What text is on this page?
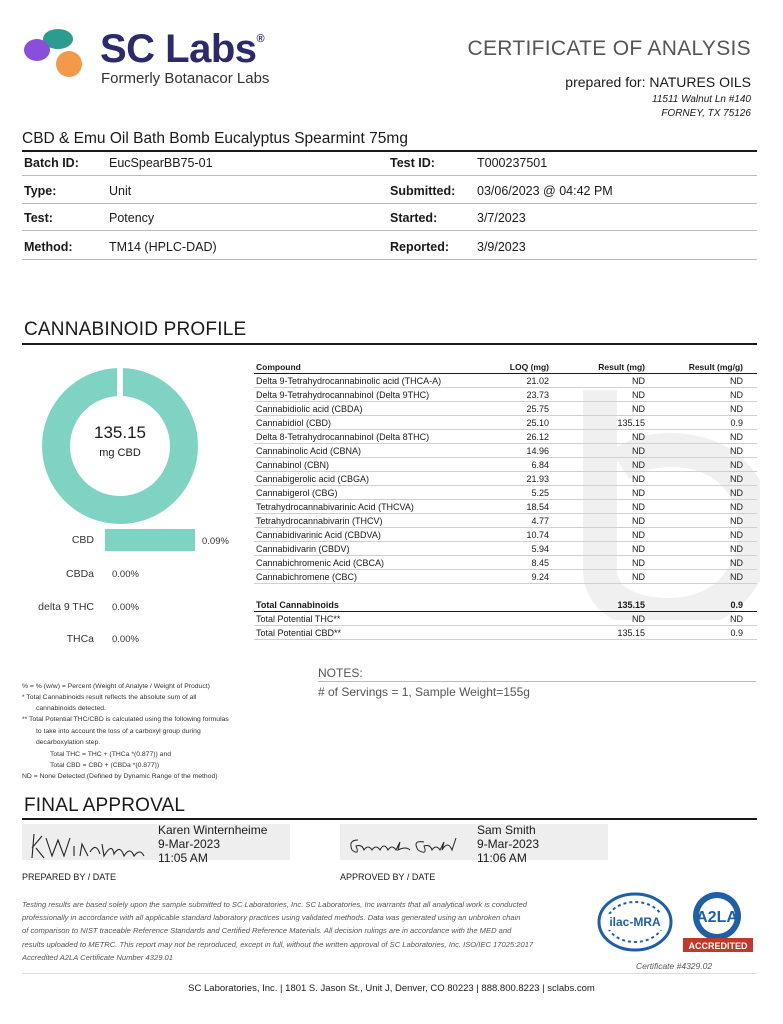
SC Labs®
Formerly Botanacor Labs
CERTIFICATE OF ANALYSIS
prepared for: NATURES OILS
11511 Walnut Ln #140
FORNEY, TX 75126
CBD & Emu Oil Bath Bomb Eucalyptus Spearmint 75mg
Batch ID: EucSpearBB75-01	Test ID:	T000237501
Type:	Unit	Submitted: 03/06/2023 @ 04:42 PM
Test:	Potency	Started:	3/7/2023
Method:	TM14 (HPLC-DAD)	Reported: 3/9/2023
CANNABINOID PROFILE
135.15
mg CBD
CBD	0.09%
CBDa 0.00%
delta 9 THC 0.00%
THCa 0.00%
Compound	LOQ (mg)	Result (mg)	Result (mg/g)
Delta 9-Tetrahydrocannabinolic acid (THCA-A)	21.02	ND	ND
Delta 9-Tetrahydrocannabinol (Delta 9THC)	23.73	ND	ND
Cannabidiolic acid (CBDA)	25.75	ND	ND
Cannabidiol (CBD)	25.10	135.15	0.9
Delta 8-Tetrahydrocannabinol (Delta 8THC)	26.12	ND	ND
Cannabinolic Acid (CBNA)	14.96	ND	ND
Cannabinol (CBN)	6.84	ND	ND
Cannabigerolic acid (CBGA)	21.93	ND	ND
Cannabigerol (CBG)	5.25	ND	ND
Tetrahydrocannabivarinic Acid (THCVA)	18.54	ND	ND
Tetrahydrocannabivarin (THCV)	4.77	ND	ND
Cannabidivarinic Acid (CBDVA)	10.74	ND	ND
Cannabidivarin (CBDV)	5.94	ND	ND
Cannabichromenic Acid (CBCA)	8.45	ND	ND
Cannabichromene (CBC)	9.24	ND	ND
Total Cannabinoids	135.15	0.9
Total Potential THC**	ND	ND
Total Potential CBD**	135.15	0.9
NOTES:
# of Servings = 1, Sample Weight=155g
% = % (w/w) = Percent (Weight of Analyte / Weight of Product)
* Total Cannabinoids result reflects the absolute sum of all
cannabinoids detected.
** Total Potential THC/CBD is calculated using the following formulas
to take into account the loss of a carboxyl group during
decarboxylation step.
Total THC = THC + (THCa *(0.877)) and
Total CBD = CBD + (CBDa *(0.877))
ND = None Detected (Defined by Dynamic Range of the method)
FINAL APPROVAL
Karen Winternheime
9-Mar-2023
11:05 AM
PREPARED BY / DATE
Sam Smith
9-Mar-2023
11:06 AM
APPROVED BY / DATE
Testing results are based solely upon the sample submitted to SC Laboratories, Inc. SC Laboratories, Inc warrants that all analytical work is conducted
professionally in accordance with all applicable standard laboratory practices using validated methods. Data was generated using an unbroken chain
of comparison to NIST traceable Reference Standards and Certified Reference Materials. All decision rulings are in accordance with the MED and
results uploaded to METRC. This report may not be reproduced, except in full, without the written approval of SC Laboratories, Inc. ISO/IEC 17025:2017
Accredited A2LA Certificate Number 4329.01
ilac-MRA A2LA
ACCREDITED
Certificate #4329.02
SC Laboratories, Inc. | 1801 S. Jason St., Unit J, Denver, CO 80223 | 888.800.8223 | sclabs.com
